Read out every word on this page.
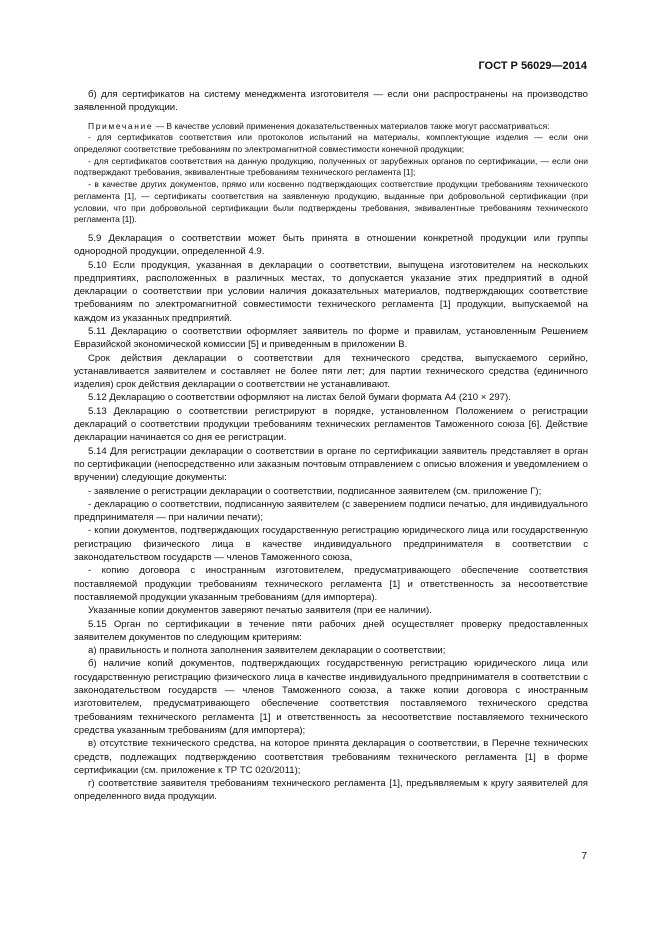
ГОСТ Р 56029—2014

б) для сертификатов на систему менеджмента изготовителя — если они распространены на производство заявленной продукции.

Примечание — В качестве условий применения доказательственных материалов также могут рассматриваться:

- для сертификатов соответствия или протоколов испытаний на материалы, комплектующие изделия — если они определяют соответствие требованиям по электромагнитной совместимости конечной продукции;

- для сертификатов соответствия на данную продукцию, полученных от зарубежных органов по сертификации, — если они подтверждают требования, эквивалентные требованиям технического регламента [1];

- в качестве других документов, прямо или косвенно подтверждающих соответствие продукции требованиям технического регламента [1], — сертификаты соответствия на заявленную продукцию, выданные при добровольной сертификации (при условии, что при добровольной сертификации были подтверждены требования, эквивалентные требованиям технического регламента [1]).

5.9 Декларация о соответствии может быть принята в отношении конкретной продукции или группы однородной продукции, определенной 4.9.

5.10 Если продукция, указанная в декларации о соответствии, выпущена изготовителем на нескольких предприятиях, расположенных в различных местах, то допускается указание этих предприятий в одной декларации о соответствии при условии наличия доказательных материалов, подтверждающих соответствие требованиям по электромагнитной совместимости технического регламента [1] продукции, выпускаемой на каждом из указанных предприятий.

5.11 Декларацию о соответствии оформляет заявитель по форме и правилам, установленным Решением Евразийской экономической комиссии [5] и приведенным в приложении В.

Срок действия декларации о соответствии для технического средства, выпускаемого серийно, устанавливается заявителем и составляет не более пяти лет; для партии технического средства (единичного изделия) срок действия декларации о соответствии не устанавливают.

5.12 Декларацию о соответствии оформляют на листах белой бумаги формата А4 (210 × 297).

5.13 Декларацию о соответствии регистрируют в порядке, установленном Положением о регистрации деклараций о соответствии продукции требованиям технических регламентов Таможенного союза [6]. Действие декларации начинается со дня ее регистрации.

5.14 Для регистрации декларации о соответствии в органе по сертификации заявитель представляет в орган по сертификации (непосредственно или заказным почтовым отправлением с описью вложения и уведомлением о вручении) следующие документы:

- заявление о регистрации декларации о соответствии, подписанное заявителем (см. приложение Г);

- декларацию о соответствии, подписанную заявителем (с заверением подписи печатью, для индивидуального предпринимателя — при наличии печати);

- копии документов, подтверждающих государственную регистрацию юридического лица или государственную регистрацию физического лица в качестве индивидуального предпринимателя в соответствии с законодательством государств — членов Таможенного союза,

- копию договора с иностранным изготовителем, предусматривающего обеспечение соответствия поставляемой продукции требованиям технического регламента [1] и ответственность за несоответствие поставляемой продукции указанным требованиям (для импортера).

Указанные копии документов заверяют печатью заявителя (при ее наличии).

5.15 Орган по сертификации в течение пяти рабочих дней осуществляет проверку предоставленных заявителем документов по следующим критериям:

а) правильность и полнота заполнения заявителем декларации о соответствии;

б) наличие копий документов, подтверждающих государственную регистрацию юридического лица или государственную регистрацию физического лица в качестве индивидуального предпринимателя в соответствии с законодательством государств — членов Таможенного союза, а также копии договора с иностранным изготовителем, предусматривающего обеспечение соответствия поставляемого технического средства требованиям технического регламента [1] и ответственность за несоответствие поставляемого технического средства указанным требованиям (для импортера);

в) отсутствие технического средства, на которое принята декларация о соответствии, в Перечне технических средств, подлежащих подтверждению соответствия требованиям технического регламента [1] в форме сертификации (см. приложение к ТР ТС 020/2011);

г) соответствие заявителя требованиям технического регламента [1], предъявляемым к кругу заявителей для определенного вида продукции.

7
